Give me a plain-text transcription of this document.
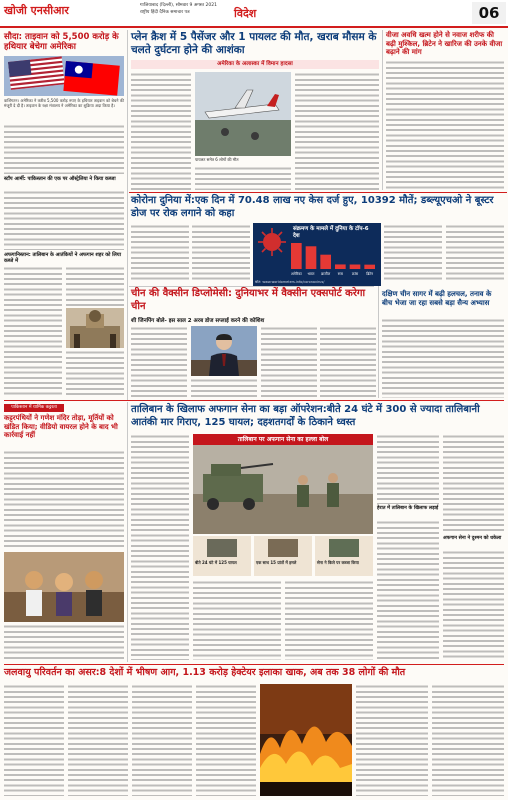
खोजी एनसीआर	गाजियाबाद (दिल्ली), सोमवार 9 अगस्त 2021
राष्ट्रीय हिंदी दैनिक समाचार पत्र	विदेश	06
सौदा: ताइवान को 5,500 करोड़ के हथियार बेचेगा अमेरिका
वाशिंगटन। अमेरिका ने करीब 5,500 करोड़ रुपए के हथियार ताइवान को बेचने की मंजूरी दे दी है। ताइवान के रक्षा मंत्रालय ने अमेरिका का शुक्रिया अदा किया है।
स्टॉप आर्मी: पाकिस्तान की एक पर ऑस्ट्रेलिया ने किया कब्जा
अफगानिस्तान: तालिबान के आतंकियों ने अफगान शहर को लिया कब्जे में
प्लेन क्रैश में 5 पैसेंजर और 1 पायलट की मौत, खराब मौसम के चलते दुर्घटना होने की आशंका
अमेरिका के अलास्का में विमान हादसा
पायलट समेत 6 लोगों की मौत
वीजा अवधि खत्म होने से नवाज शरीफ की बढ़ी मुश्किल, ब्रिटेन ने खारिज की उनके वीजा बढ़ाने की मांग
कोरोना दुनिया में:एक दिन में 70.48 लाख नए केस दर्ज हुए, 10392 मौतें; डब्ल्यूएचओ ने बूस्टर डोज पर रोक लगाने को कहा
संक्रमण के मामले में दुनिया के टॉप-6 देश
अमेरिका भारत ब्राजील रूस फ्रांस ब्रिटेन
स्रोत: www.worldometers.info/coronavirus/
चीन की वैक्सीन डिप्लोमेसी: दुनियाभर में वैक्सीन एक्सपोर्ट करेगा चीन
शी जिनपिंग बोले- इस साल 2 अरब डोज सप्लाई करने की कोशिश
दक्षिण चीन सागर में बढ़ी हलचल, तनाव के बीच भेजा जा रहा सबसे बड़ा सैन्य अभ्यास
पाकिस्तान में धार्मिक कट्टरता
कट्टरपंथियों ने गणेश मंदिर तोड़ा, मूर्तियों को खंडित किया; वीडियो वायरल होने के बाद भी कार्रवाई नहीं
तालिबान के खिलाफ अफगान सेना का बड़ा ऑपरेशन:बीते 24 घंटे में 300 से ज्यादा तालिबानी आतंकी मार गिराए, 125 घायल; दहशतगर्दों के ठिकाने ध्वस्त
तालिबान पर अफगान सेना का हल्ला बोल
बीते 24 घंटे में 125 घायल	एक साथ 15 प्रांतों में हमले	सेना ने किले पर कब्जा किया
हेरात में तालिबान के खिलाफ लड़ाई
अफगान सेना ने दुश्मन को धकेला
जलवायु परिवर्तन का असर:8 देशों में भीषण आग, 1.13 करोड़ हेक्टेयर इलाका खाक, अब तक 38 लोगों की मौत
